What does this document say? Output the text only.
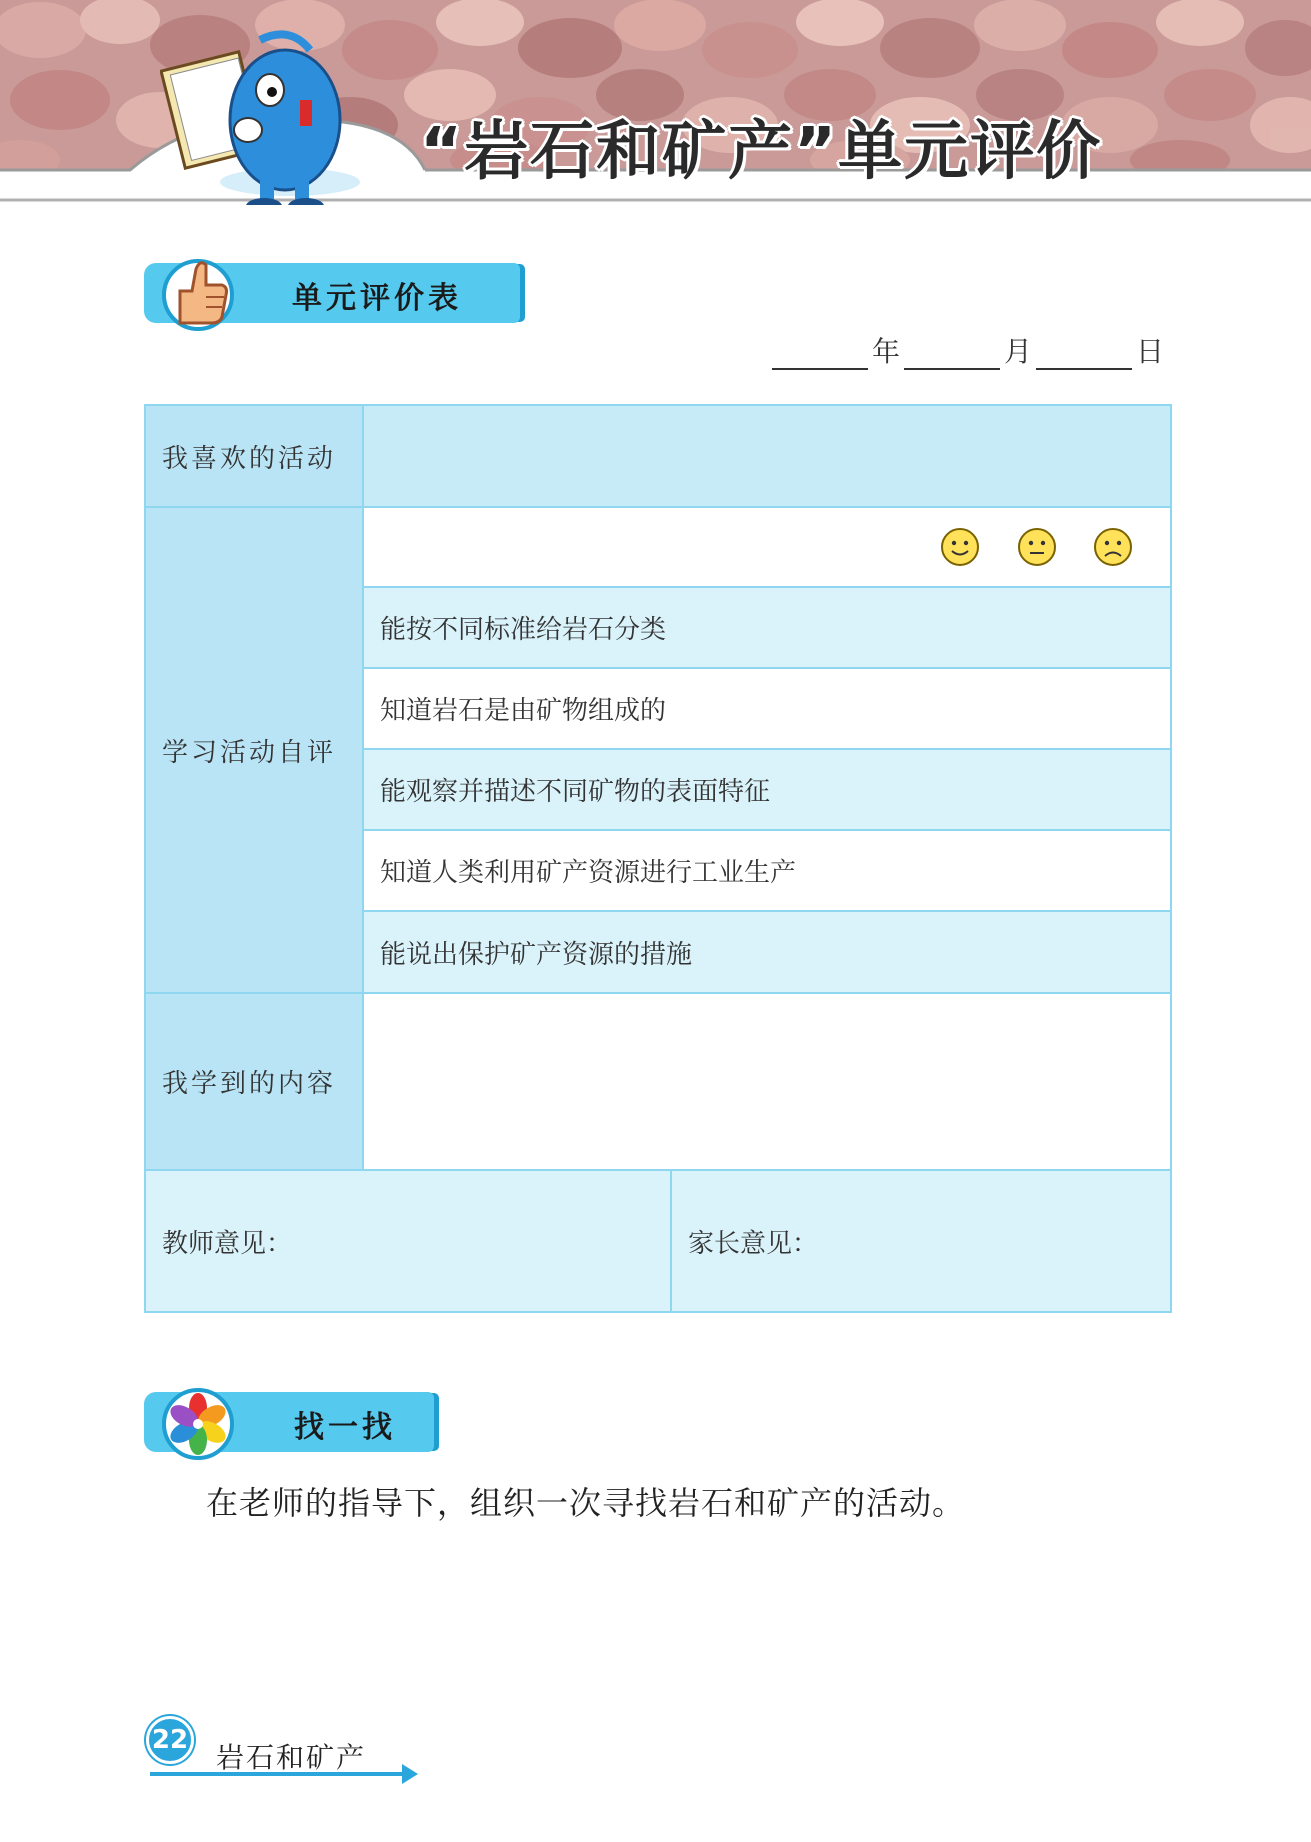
“岩石和矿产”单元评价
单元评价表
年	月	日
我喜欢的活动		
学习活动自评	
	能按不同标准给岩石分类	
	知道岩石是由矿物组成的	
	能观察并描述不同矿物的表面特征	
	知道人类利用矿产资源进行工业生产	
	能说出保护矿产资源的措施	
我学到的内容		
教师意见：		家长意见：
找一找
在老师的指导下，组织一次寻找岩石和矿产的活动。
22
岩石和矿产
